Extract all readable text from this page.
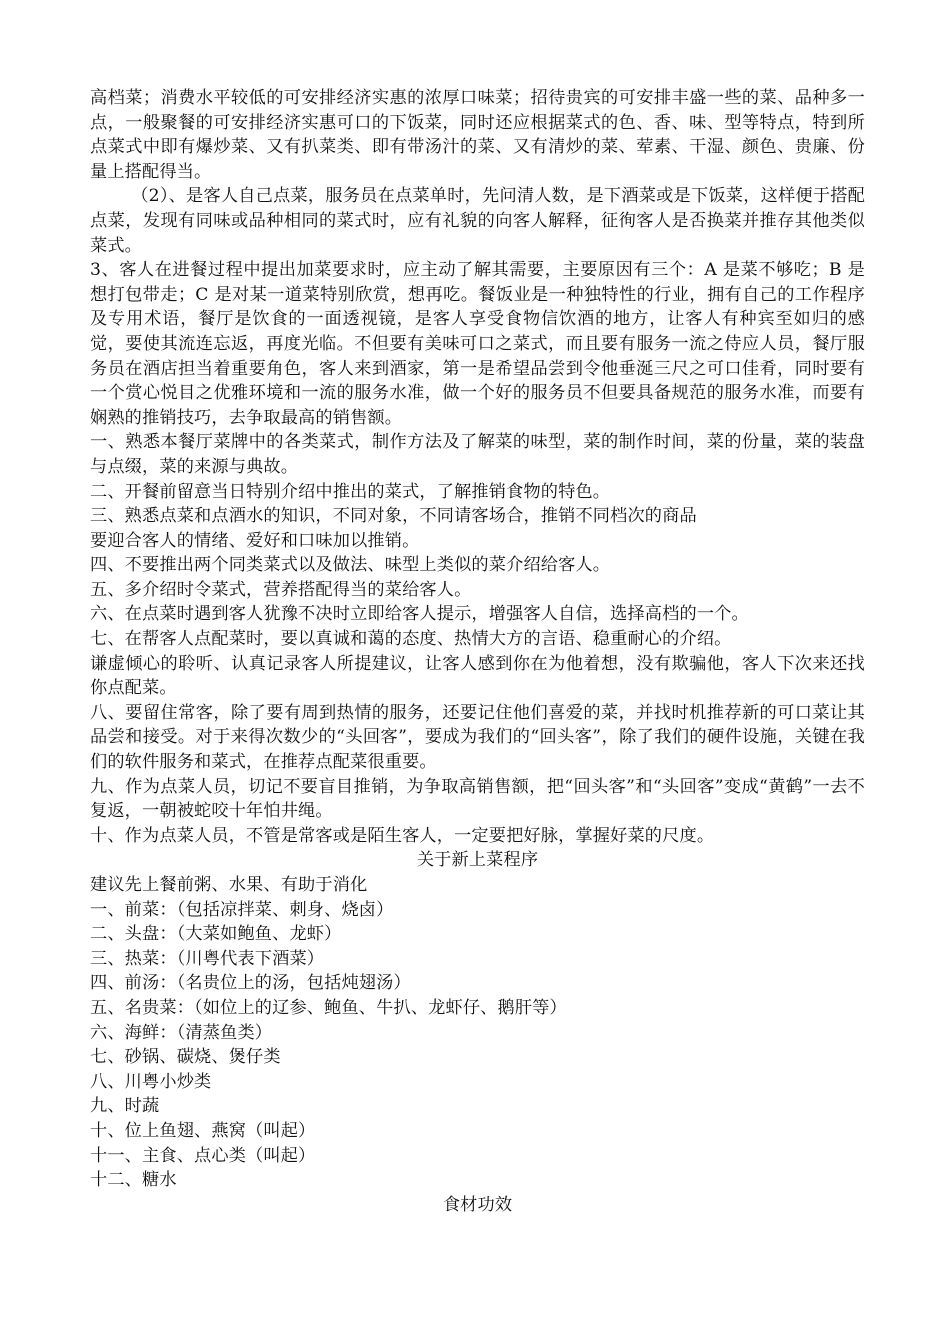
高档菜；消费水平较低的可安排经济实惠的浓厚口味菜；招待贵宾的可安排丰盛一些的菜、品种多一点，一般聚餐的可安排经济实惠可口的下饭菜，同时还应根据菜式的色、香、味、型等特点，特到所点菜式中即有爆炒菜、又有扒菜类、即有带汤汁的菜、又有清炒的菜、荤素、干湿、颜色、贵廉、份量上搭配得当。

（2）、是客人自己点菜，服务员在点菜单时，先问清人数，是下酒菜或是下饭菜，这样便于搭配点菜，发现有同味或品种相同的菜式时，应有礼貌的向客人解释，征徇客人是否换菜并推存其他类似菜式。

3、客人在进餐过程中提出加菜要求时，应主动了解其需要，主要原因有三个：A 是菜不够吃；B 是想打包带走；C 是对某一道菜特别欣赏，想再吃。餐饭业是一种独特性的行业，拥有自己的工作程序及专用术语，餐厅是饮食的一面透视镜，是客人享受食物信饮酒的地方，让客人有种宾至如归的感觉，要使其流连忘返，再度光临。不但要有美味可口之菜式，而且要有服务一流之侍应人员，餐厅服务员在酒店担当着重要角色，客人来到酒家，第一是希望品尝到令他垂涎三尺之可口佳肴，同时要有一个赏心悦目之优雅环境和一流的服务水准，做一个好的服务员不但要具备规范的服务水准，而要有娴熟的推销技巧，去争取最高的销售额。

一、熟悉本餐厅菜牌中的各类菜式，制作方法及了解菜的味型，菜的制作时间，菜的份量，菜的装盘与点缀，菜的来源与典故。

二、开餐前留意当日特别介绍中推出的菜式，了解推销食物的特色。

三、熟悉点菜和点酒水的知识，不同对象，不同请客场合，推销不同档次的商品

要迎合客人的情绪、爱好和口味加以推销。

四、不要推出两个同类菜式以及做法、味型上类似的菜介绍给客人。

五、多介绍时令菜式，营养搭配得当的菜给客人。

六、在点菜时遇到客人犹豫不决时立即给客人提示，增强客人自信，选择高档的一个。

七、在帮客人点配菜时，要以真诚和蔼的态度、热情大方的言语、稳重耐心的介绍。

谦虚倾心的聆听、认真记录客人所提建议，让客人感到你在为他着想，没有欺骗他，客人下次来还找你点配菜。

八、要留住常客，除了要有周到热情的服务，还要记住他们喜爱的菜，并找时机推荐新的可口菜让其品尝和接受。对于来得次数少的“头回客”，要成为我们的“回头客”，除了我们的硬件设施，关键在我们的软件服务和菜式，在推荐点配菜很重要。

九、作为点菜人员，切记不要盲目推销，为争取高销售额，把“回头客”和“头回客”变成“黄鹤”一去不复返，一朝被蛇咬十年怕井绳。

十、作为点菜人员，不管是常客或是陌生客人，一定要把好脉，掌握好菜的尺度。

关于新上菜程序

建议先上餐前粥、水果、有助于消化

一、前菜：（包括凉拌菜、刺身、烧卤）

二、头盘：（大菜如鲍鱼、龙虾）

三、热菜：（川粤代表下酒菜）

四、前汤：（名贵位上的汤，包括炖翅汤）

五、名贵菜：（如位上的辽参、鲍鱼、牛扒、龙虾仔、鹅肝等）

六、海鲜：（清蒸鱼类）

七、砂锅、碳烧、煲仔类

八、川粤小炒类

九、时蔬

十、位上鱼翅、燕窝（叫起）

十一、主食、点心类（叫起）

十二、糖水

食材功效
